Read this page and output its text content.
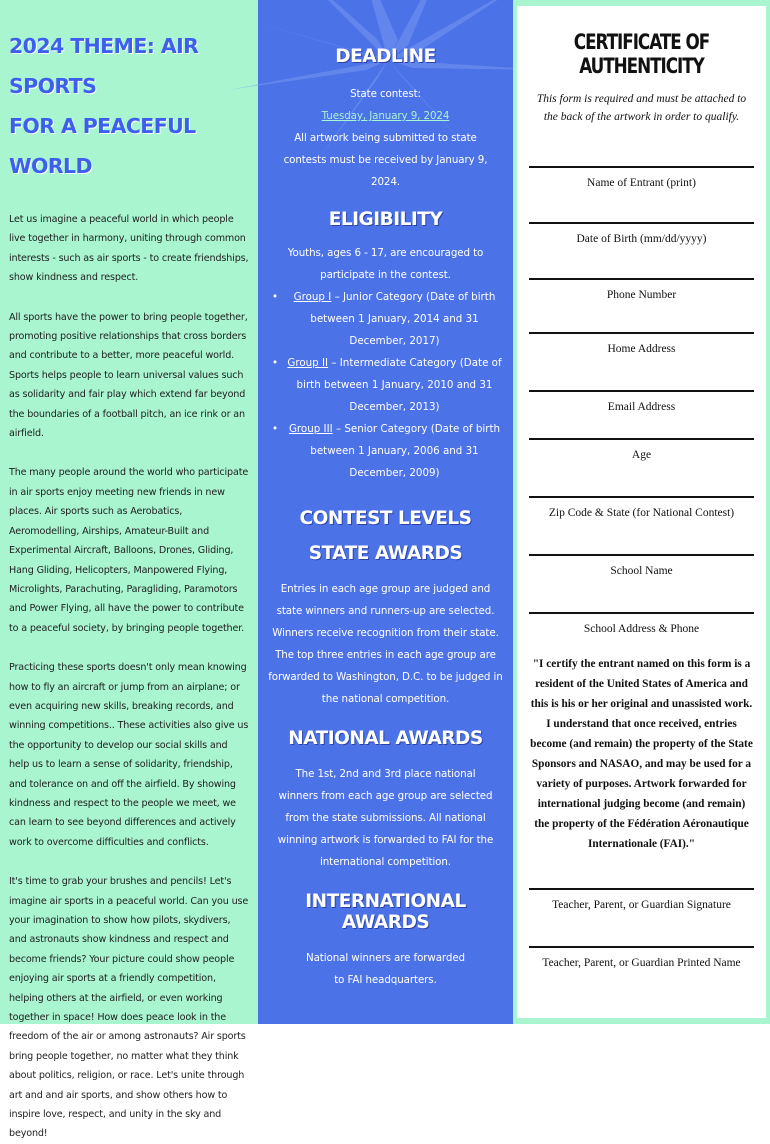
2024 THEME: AIR SPORTS
FOR A PEACEFUL WORLD

Let us imagine a peaceful world in which people live together in harmony, uniting through common interests - such as air sports - to create friendships, show kindness and respect.

All sports have the power to bring people together, promoting positive relationships that cross borders and contribute to a better, more peaceful world. Sports helps people to learn universal values such as solidarity and fair play which extend far beyond the boundaries of a football pitch, an ice rink or an airfield.

The many people around the world who participate in air sports enjoy meeting new friends in new places. Air sports such as Aerobatics, Aeromodelling, Airships, Amateur-Built and Experimental Aircraft, Balloons, Drones, Gliding, Hang Gliding, Helicopters, Manpowered Flying, Microlights, Parachuting, Paragliding, Paramotors and Power Flying, all have the power to contribute to a peaceful society, by bringing people together.

Practicing these sports doesn't only mean knowing how to fly an aircraft or jump from an airplane; or even acquiring new skills, breaking records, and winning competitions.. These activities also give us the opportunity to develop our social skills and help us to learn a sense of solidarity, friendship, and tolerance on and off the airfield. By showing kindness and respect to the people we meet, we can learn to see beyond differences and actively work to overcome difficulties and conflicts.

It's time to grab your brushes and pencils! Let's imagine air sports in a peaceful world. Can you use your imagination to show how pilots, skydivers, and astronauts show kindness and respect and become friends? Your picture could show people enjoying air sports at a friendly competition, helping others at the airfield, or even working together in space! How does peace look in the freedom of the air or among astronauts? Air sports bring people together, no matter what they think about politics, religion, or race. Let's unite through art and and air sports, and show others how to inspire love, respect, and unity in the sky and beyond!

DEADLINE

State contest:

Tuesday, January 9, 2024

All artwork being submitted to state contests must be received by January 9, 2024.

ELIGIBILITY

Youths, ages 6 - 17, are encouraged to participate in the contest.

• Group I – Junior Category (Date of birth between 1 January, 2014 and 31 December, 2017)
• Group II – Intermediate Category (Date of birth between 1 January, 2010 and 31 December, 2013)
• Group III – Senior Category (Date of birth between 1 January, 2006 and 31 December, 2009)
CONTEST LEVELS
STATE AWARDS

Entries in each age group are judged and state winners and runners-up are selected. Winners receive recognition from their state. The top three entries in each age group are forwarded to Washington, D.C. to be judged in the national competition.

NATIONAL AWARDS

The 1st, 2nd and 3rd place national winners from each age group are selected from the state submissions. All national winning artwork is forwarded to FAI for the international competition.

INTERNATIONAL AWARDS

National winners are forwarded to FAI headquarters.

CERTIFICATE OF AUTHENTICITY

This form is required and must be attached to the back of the artwork in order to qualify.

Name of Entrant (print)
Date of Birth (mm/dd/yyyy)
Phone Number
Home Address
Email Address
Age
Zip Code & State (for National Contest)
School Name
School Address & Phone

"I certify the entrant named on this form is a resident of the United States of America and this is his or her original and unassisted work. I understand that once received, entries become (and remain) the property of the State Sponsors and NASAO, and may be used for a variety of purposes. Artwork forwarded for international judging become (and remain) the property of the Fédération Aéronautique Internationale (FAI)."

Teacher, Parent, or Guardian Signature
Teacher, Parent, or Guardian Printed Name
